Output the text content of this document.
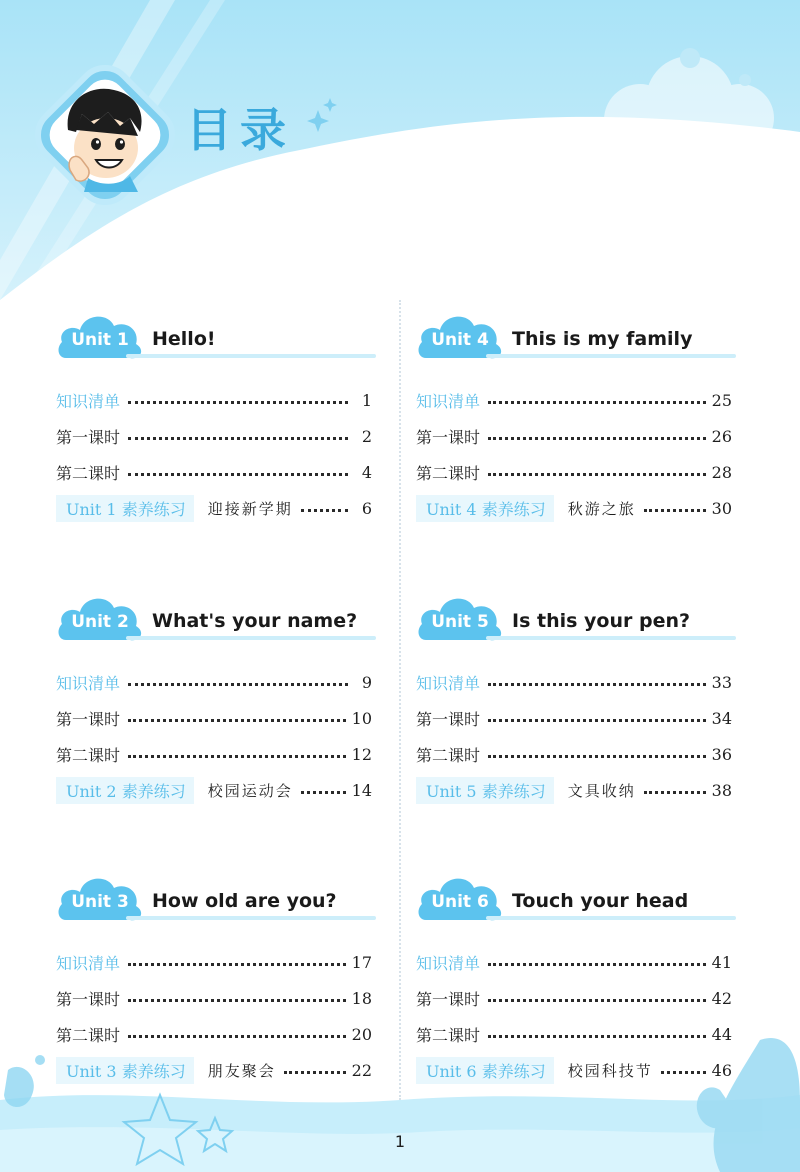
目录
Unit 1	Hello!
知识清单	1
第一课时	2
第二课时	4
Unit 1 素养练习	迎接新学期	6
Unit 2	What's your name?
知识清单	9
第一课时	10
第二课时	12
Unit 2 素养练习	校园运动会	14
Unit 3	How old are you?
知识清单	17
第一课时	18
第二课时	20
Unit 3 素养练习	朋友聚会	22
Unit 4	This is my family
知识清单	25
第一课时	26
第二课时	28
Unit 4 素养练习	秋游之旅	30
Unit 5	Is this your pen?
知识清单	33
第一课时	34
第二课时	36
Unit 5 素养练习	文具收纳	38
Unit 6	Touch your head
知识清单	41
第一课时	42
第二课时	44
Unit 6 素养练习	校园科技节	46
1
